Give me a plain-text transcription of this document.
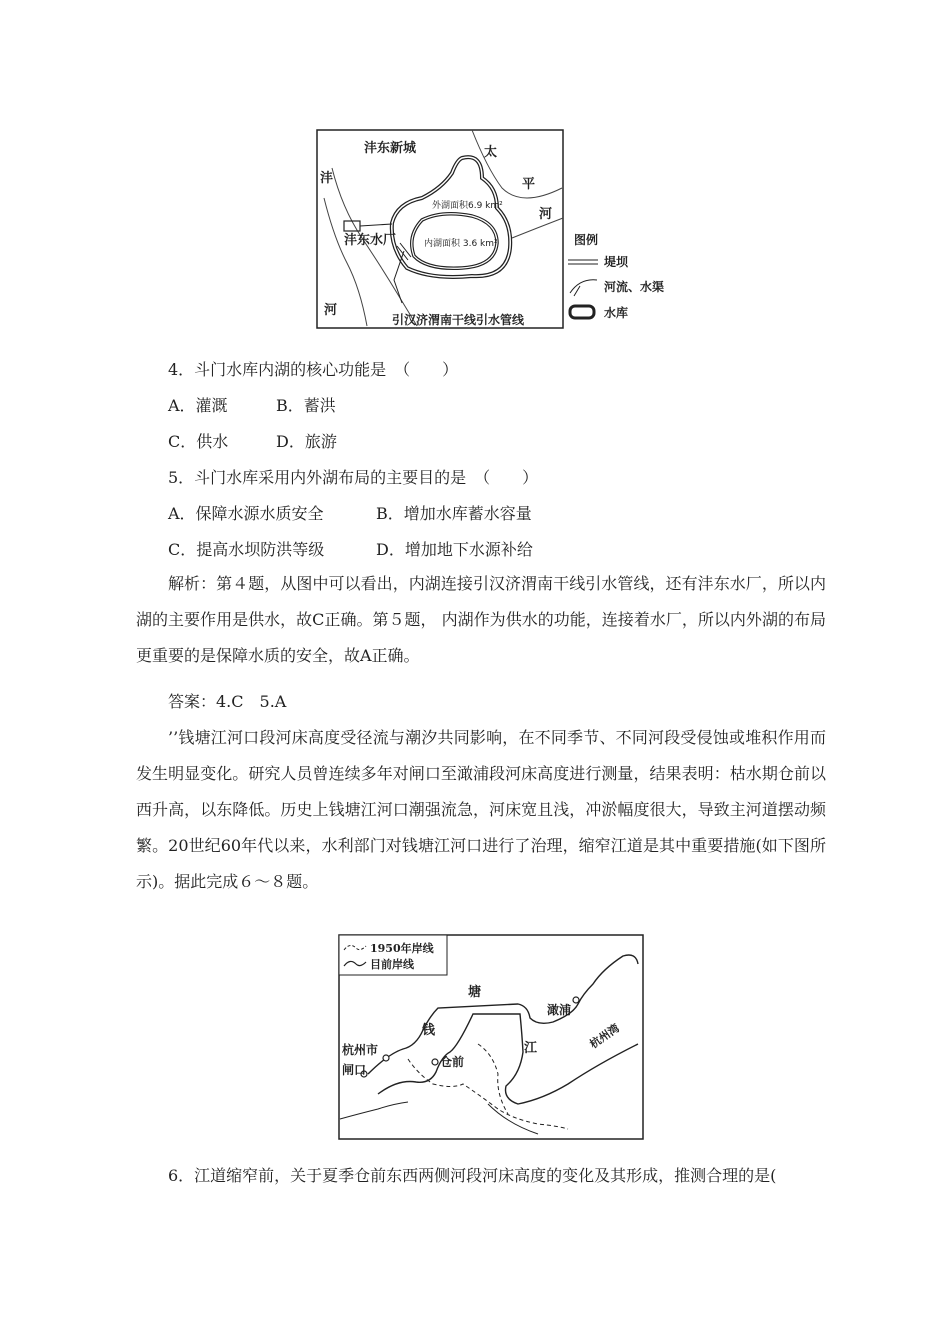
沣东新城
沣
河
太
平
河
外湖面积6.9 km²
内湖面积 3.6 km²
沣东水厂
引汉济渭南干线引水管线
图例
堤坝
河流、水渠
水库
4．斗门水库内湖的核心功能是　（　　）
A．灌溉	B．蓄洪
C．供水	D．旅游
5．斗门水库采用内外湖布局的主要目的是　（　　）
A．保障水源水质安全	B．增加水库蓄水容量
C．提高水坝防洪等级	D．增加地下水源补给

解析：第４题，从图中可以看出，内湖连接引汉济渭南干线引水管线，还有沣东水厂，所以内湖的主要作用是供水，故C正确。第５题， 内湖作为供水的功能，连接着水厂，所以内外湖的布局更重要的是保障水质的安全，故A正确。

答案：4.C　5.A

’’钱塘江河口段河床高度受径流与潮汐共同影响，在不同季节、不同河段受侵蚀或堆积作用而发生明显变化。研究人员曾连续多年对闸口至澉浦段河床高度进行测量，结果表明：枯水期仓前以西升高，以东降低。历史上钱塘江河口潮强流急，河床宽且浅，冲淤幅度很大，导致主河道摆动频繁。20世纪60年代以来，水利部门对钱塘江河口进行了治理，缩窄江道是其中重要措施(如下图所示)。据此完成６～８题。

1950年岸线
目前岸线
钱
塘
江
澉浦
杭州湾
杭州市
闸口
仓前
6．江道缩窄前，关于夏季仓前东西两侧河段河床高度的变化及其形成，推测合理的是(
